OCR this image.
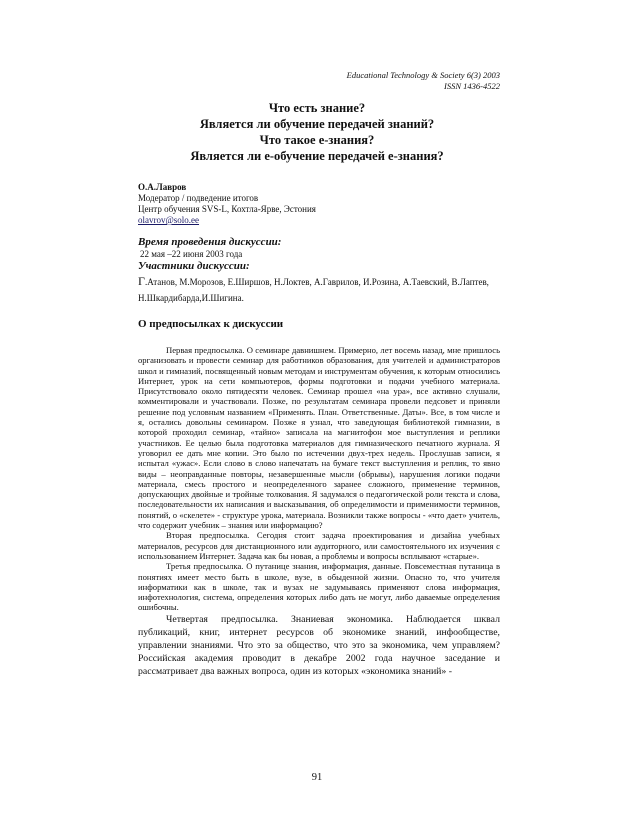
Educational Technology & Society 6(3) 2003
ISSN 1436-4522
Что есть знание?
Является ли обучение передачей знаний?
Что такое е-знания?
Является ли е-обучение передачей е-знания?
О.А.Лавров
Модератор / подведение итогов
Центр обучения SVS-L, Кохтла-Ярве, Эстония
olavrov@solo.ee
Время проведения дискуссии:
22 мая –22 июня 2003 года
Участники дискуссии:
Г.Атанов, М.Морозов, Е.Ширшов, Н.Локтев, А.Гаврилов, И.Розина, А.Таевский, В.Лаптев, Н.Шкардибарда,И.Шигина.
О предпосылках к дискуссии

Первая предпосылка. О семинаре давнишнем. Примерно, лет восемь назад, мне пришлось организовать и провести семинар для работников образования, для учителей и администраторов школ и гимназий, посвященный новым методам и инструментам обучения, к которым относились Интернет, урок на сети компьютеров, формы подготовки и подачи учебного материала. Присутствовало около пятидесяти человек. Семинар прошел «на ура», все активно слушали, комментировали и участвовали. Позже, по результатам семинара провели педсовет и приняли решение под условным названием «Применять. План. Ответственные. Даты». Все, в том числе и я, остались довольны семинаром. Позже я узнал, что заведующая библиотекой гимназии, в которой проходил семинар, «тайно» записала на магнитофон мое выступления и реплики участников. Ее целью была подготовка материалов для гимназического печатного журнала. Я уговорил ее дать мне копии. Это было по истечении двух-трех недель. Прослушав записи, я испытал «ужас». Если слово в слово напечатать на бумаге текст выступления и реплик, то явно виды – неоправданные повторы, незавершенные мысли (обрывы), нарушения логики подачи материала, смесь простого и неопределенного заранее сложного, применение терминов, допускающих двойные и тройные толкования. Я задумался о педагогической роли текста и слова, последовательности их написания и высказывания, об определимости и применимости терминов, понятий, о «скелете» - структуре урока, материала. Возникли также вопросы - «что дает» учитель, что содержит учебник – знания или информацию?

Вторая предпосылка. Сегодня стоит задача проектирования и дизайна учебных материалов, ресурсов для дистанционного или аудиторного, или самостоятельного их изучения с использованием Интернет. Задача как бы новая, а проблемы и вопросы всплывают «старые».

Третья предпосылка. О путанице знания, информация, данные. Повсеместная путаница в понятиях имеет место быть в школе, вузе, в обыденной жизни. Опасно то, что учителя информатики как в школе, так и вузах не задумываясь применяют слова информация, инфотехнология, система, определения которых либо дать не могут, либо даваемые определения ошибочны.

Четвертая предпосылка. Знаниевая экономика. Наблюдается шквал публикаций, книг, интернет ресурсов об экономике знаний, инфообществе, управлении знаниями. Что это за общество, что это за экономика, чем управляем? Российская академия проводит в декабре 2002 года научное заседание и рассматривает два важных вопроса, один из которых «экономика знаний» -

91
